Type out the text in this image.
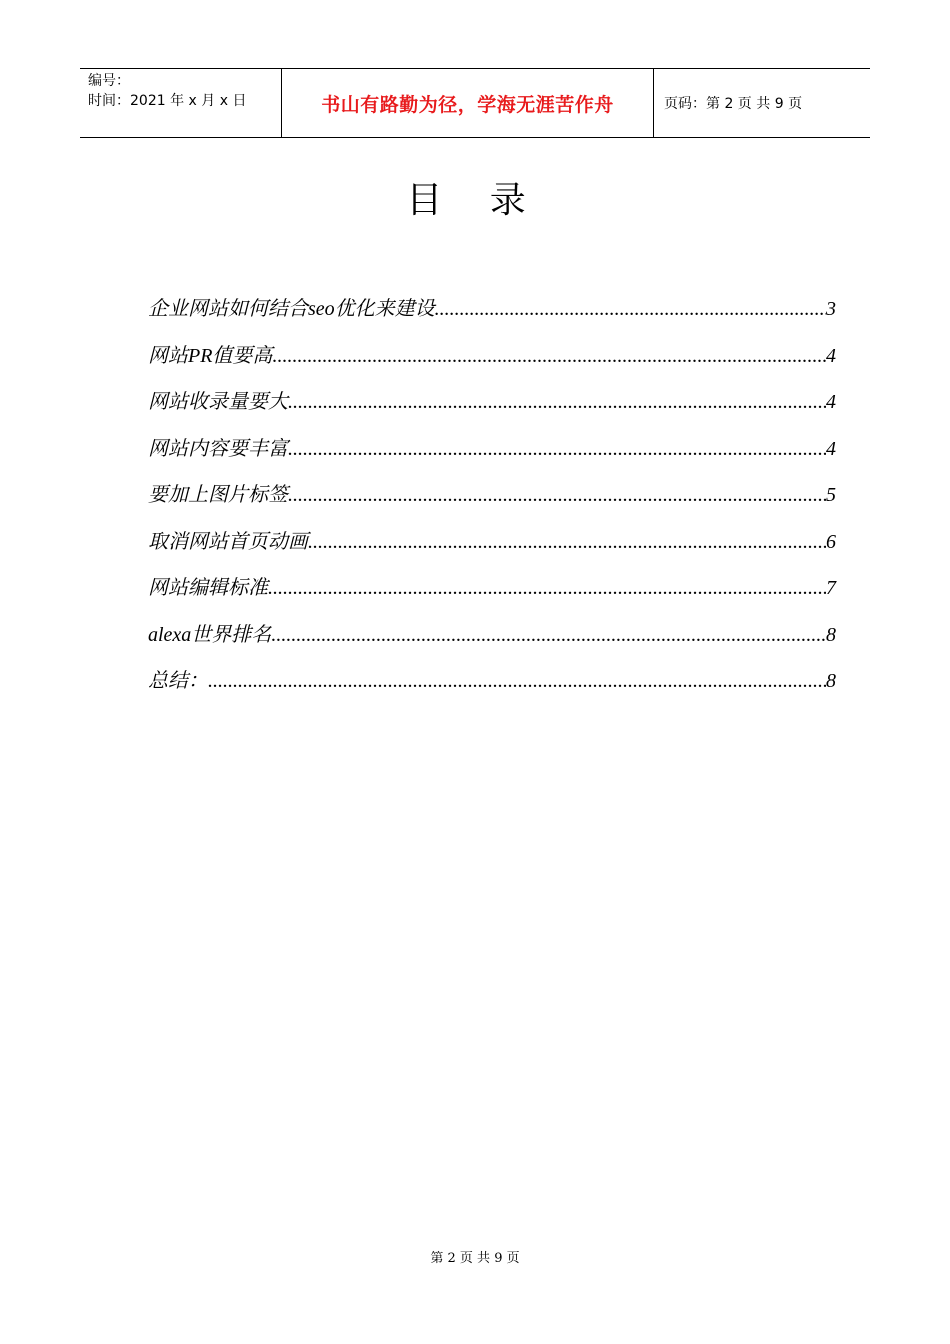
编号：
时间：2021 年 x 月 x 日	书山有路勤为径，学海无涯苦作舟	页码：第 2 页 共 9 页
目 录
企业网站如何结合seo优化来建设 .....	3
网站PR值要高 .....	4
网站收录量要大 .....	4
网站内容要丰富 .....	4
要加上图片标签 .....	5
取消网站首页动画 .....	6
网站编辑标准 .....	7
alexa世界排名 .....	8
总结： .....	8
第 2 页 共 9 页
